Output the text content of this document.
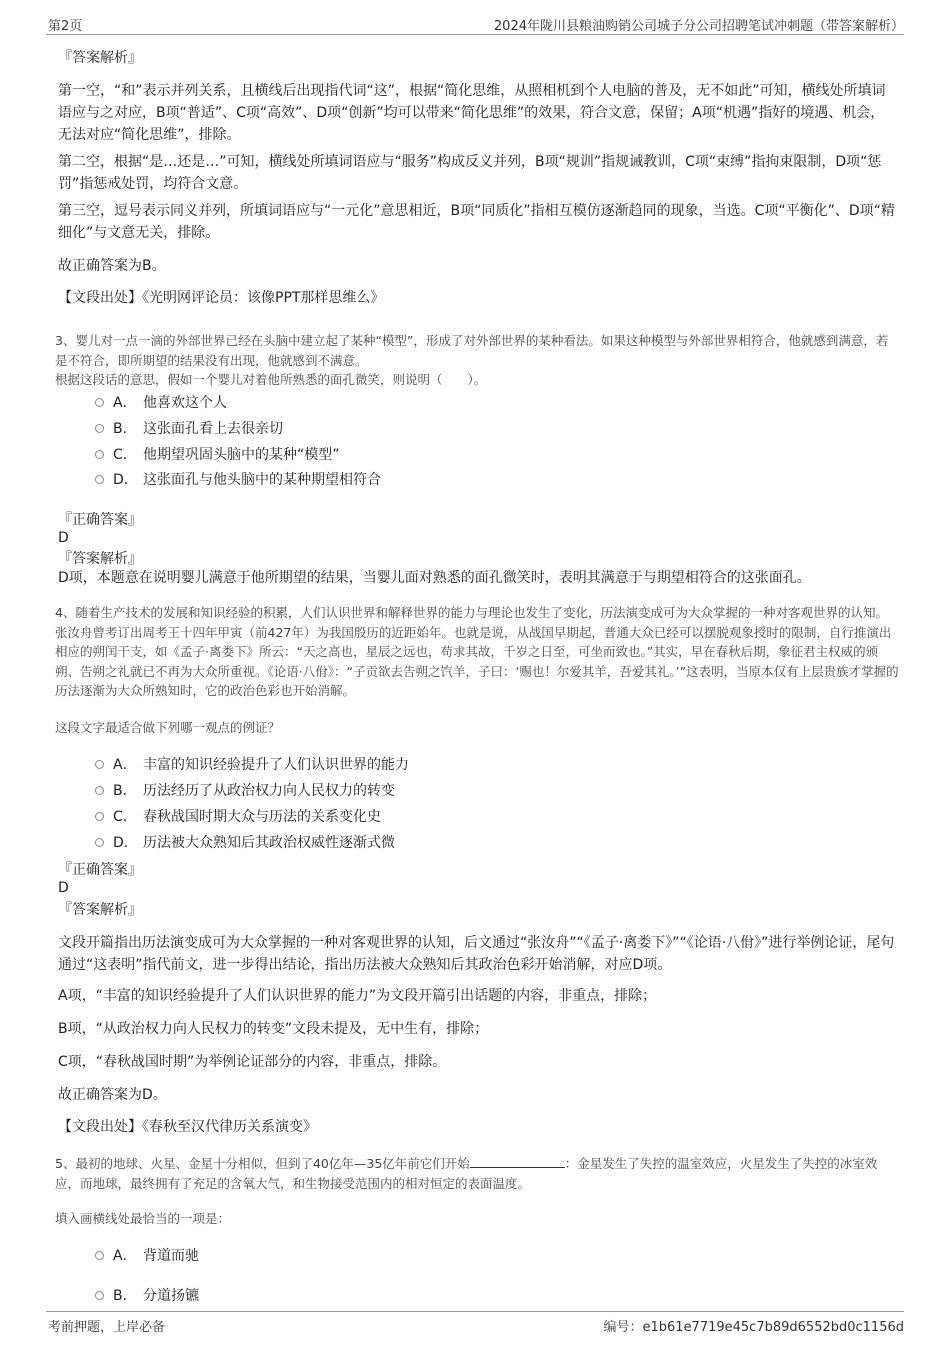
第2页	2024年陇川县粮油购销公司城子分公司招聘笔试冲刺题（带答案解析）

『答案解析』

第一空，“和”表示并列关系，且横线后出现指代词“这”，根据“简化思维，从照相机到个人电脑的普及，无不如此”可知，横线处所填词语应与之对应，B项“普适”、C项“高效”、D项“创新”均可以带来“简化思维”的效果，符合文意，保留；A项“机遇”指好的境遇、机会，无法对应“简化思维”，排除。

第二空，根据“是…还是…”可知，横线处所填词语应与“服务”构成反义并列，B项“规训”指规诫教训，C项“束缚”指拘束限制，D项“惩罚”指惩戒处罚，均符合文意。

第三空，逗号表示同义并列，所填词语应与“一元化”意思相近，B项“同质化”指相互模仿逐渐趋同的现象，当选。C项“平衡化”、D项“精细化”与文意无关，排除。

故正确答案为B。

【文段出处】《光明网评论员：该像PPT那样思维么》

3、婴儿对一点一滴的外部世界已经在头脑中建立起了某种“模型”，形成了对外部世界的某种看法。如果这种模型与外部世界相符合，他就感到满意，若是不符合，即所期望的结果没有出现，他就感到不满意。

根据这段话的意思，假如一个婴儿对着他所熟悉的面孔微笑，则说明（　　）。

A． 他喜欢这个人
B． 这张面孔看上去很亲切
C． 他期望巩固头脑中的某种“模型”
D． 这张面孔与他头脑中的某种期望相符合

『正确答案』

D

『答案解析』

D项，本题意在说明婴儿满意于他所期望的结果，当婴儿面对熟悉的面孔微笑时，表明其满意于与期望相符合的这张面孔。

4、随着生产技术的发展和知识经验的积累，人们认识世界和解释世界的能力与理论也发生了变化，历法演变成可为大众掌握的一种对客观世界的认知。张汝舟曾考订出周考王十四年甲寅（前427年）为我国殷历的近距始年。也就是说，从战国早期起，普通大众已经可以摆脱观象授时的限制，自行推演出相应的朔闰干支，如《孟子·离娄下》所云：“天之高也，星辰之远也，苟求其故，千岁之日至，可坐而致也。”其实，早在春秋后期，象征君主权威的颁朔、告朔之礼就已不再为大众所重视。《论语·八佾》：“子贡欲去告朔之饩羊，子曰：‘赐也！尔爱其羊，吾爱其礼。’”这表明，当原本仅有上层贵族才掌握的历法逐渐为大众所熟知时，它的政治色彩也开始消解。

这段文字最适合做下列哪一观点的例证？

A． 丰富的知识经验提升了人们认识世界的能力
B． 历法经历了从政治权力向人民权力的转变
C． 春秋战国时期大众与历法的关系变化史
D． 历法被大众熟知后其政治权威性逐渐式微

『正确答案』

D

『答案解析』

文段开篇指出历法演变成可为大众掌握的一种对客观世界的认知，后文通过“张汝舟”“《孟子·离娄下》”“《论语·八佾》”进行举例论证，尾句通过“这表明”指代前文，进一步得出结论，指出历法被大众熟知后其政治色彩开始消解，对应D项。

A项，“丰富的知识经验提升了人们认识世界的能力”为文段开篇引出话题的内容，非重点，排除；

B项，“从政治权力向人民权力的转变”文段未提及，无中生有，排除；

C项，“春秋战国时期”为举例论证部分的内容，非重点，排除。

故正确答案为D。

【文段出处】《春秋至汉代律历关系演变》

5、最初的地球、火星、金星十分相似，但到了40亿年—35亿年前它们开始	：金星发生了失控的温室效应，火星发生了失控的冰室效应，而地球，最终拥有了充足的含氧大气，和生物接受范围内的相对恒定的表面温度。

填入画横线处最恰当的一项是：

A． 背道而驰
B． 分道扬镳
考前押题，上岸必备	编号：e1b61e7719e45c7b89d6552bd0c1156d
